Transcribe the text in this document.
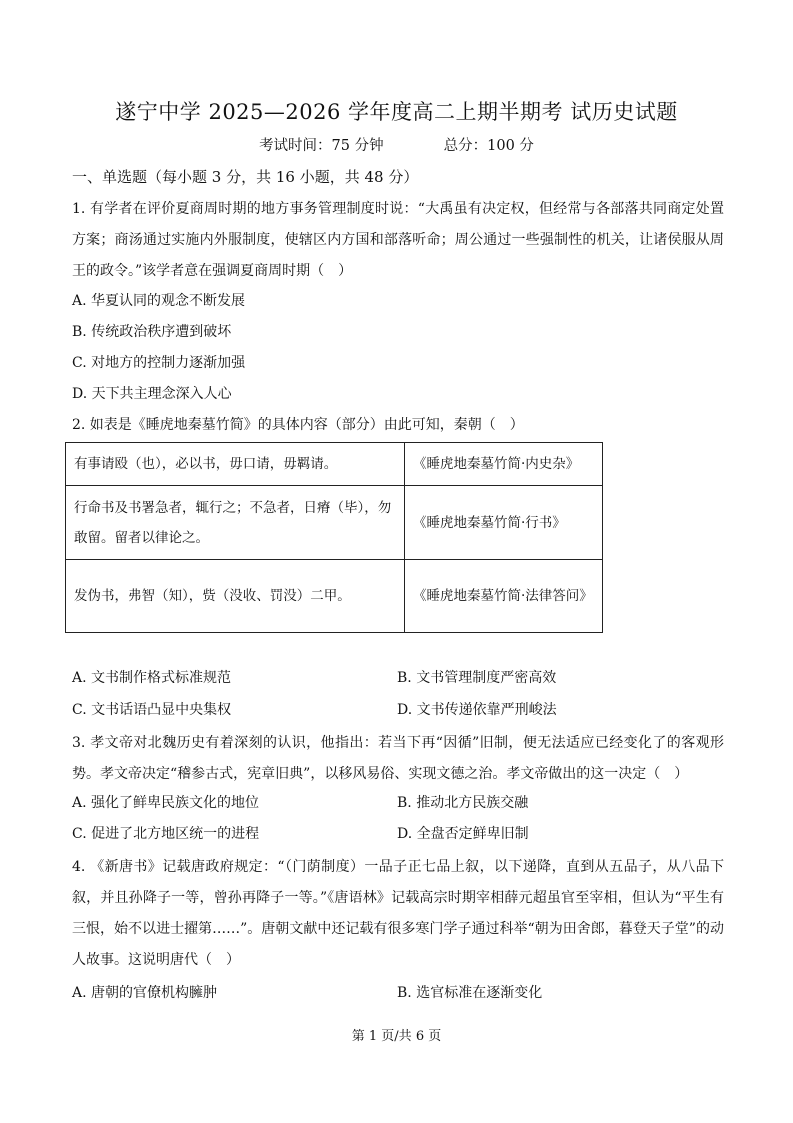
遂宁中学 2025—2026 学年度高二上期半期考 试历史试题
考试时间：75 分钟	总分：100 分
一、单选题（每小题 3 分，共 16 小题，共 48 分）
1. 有学者在评价夏商周时期的地方事务管理制度时说：“大禹虽有决定权，但经常与各部落共同商定处置方案；商汤通过实施内外服制度，使辖区内方国和部落听命；周公通过一些强制性的机关，让诸侯服从周王的政令。”该学者意在强调夏商周时期（　）
A. 华夏认同的观念不断发展
B. 传统政治秩序遭到破坏
C. 对地方的控制力逐渐加强
D. 天下共主理念深入人心
2. 如表是《睡虎地秦墓竹简》的具体内容（部分）由此可知，秦朝（　）
有事请殴（也），必以书，毋口请，毋羁请。	《睡虎地秦墓竹简·内史杂》
行命书及书署急者，辄行之；不急者，日瘠（毕），勿敢留。留者以律论之。	《睡虎地秦墓竹简·行书》
发伪书，弗智（知），赀（没收、罚没）二甲。	《睡虎地秦墓竹简·法律答问》
A. 文书制作格式标准规范	B. 文书管理制度严密高效
C. 文书话语凸显中央集权	D. 文书传递依靠严刑峻法
3. 孝文帝对北魏历史有着深刻的认识，他指出：若当下再“因循”旧制，便无法适应已经变化了的客观形势。孝文帝决定“稽参古式，宪章旧典”，以移风易俗、实现文德之治。孝文帝做出的这一决定（　）
A. 强化了鲜卑民族文化的地位	B. 推动北方民族交融
C. 促进了北方地区统一的进程	D. 全盘否定鲜卑旧制
4. 《新唐书》记载唐政府规定：“（门荫制度）一品子正七品上叙，以下递降，直到从五品子，从八品下叙，并且孙降子一等，曾孙再降子一等。”《唐语林》记载高宗时期宰相薛元超虽官至宰相，但认为“平生有三恨，始不以进士擢第……”。唐朝文献中还记载有很多寒门学子通过科举“朝为田舍郎，暮登天子堂”的动人故事。这说明唐代（　）
A. 唐朝的官僚机构臃肿	B. 选官标准在逐渐变化
第 1 页/共 6 页
